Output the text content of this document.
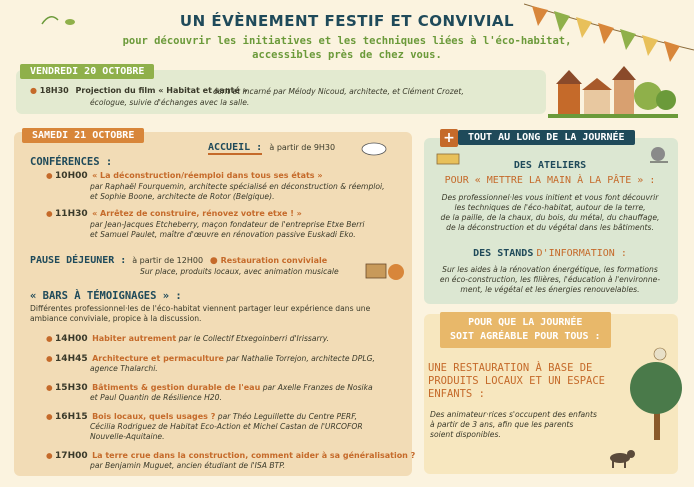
UN ÉVÈNEMENT FESTIF ET CONVIVIAL
pour découvrir les initiatives et les techniques liées à l'éco-habitat,
accessibles près de chez vous.
VENDREDI 20 OCTOBRE
● 18H30 Projection du film « Habitat et santé »
écrit et incarné par Mélody Nicoud, architecte, et Clément Crozet,
écologue, suivie d'échanges avec la salle.
SAMEDI 21 OCTOBRE
ACCUEIL : à partir de 9H30
CONFÉRENCES :
● 10H00 « La déconstruction/réemploi dans tous ses états »
par Raphaël Fourquemin, architecte spécialisé en déconstruction & réemploi,
et Sophie Boone, architecte de Rotor (Belgique).
● 11H30 « Arrêtez de construire, rénovez votre etxe ! »
par Jean-Jacques Etcheberry, maçon fondateur de l'entreprise Etxe Berri
et Samuel Paulet, maître d'œuvre en rénovation passive Euskadi Eko.
PAUSE DÉJEUNER : à partir de 12H00 ● Restauration conviviale
Sur place, produits locaux, avec animation musicale
« BARS À TÉMOIGNAGES » :
Différentes professionnel·les de l'éco-habitat viennent partager leur expérience dans une
ambiance conviviale, propice à la discussion.
● 14H00 Habiter autrement par le Collectif Etxegoinberri d'Irissarry.
● 14H45 Architecture et permaculture par Nathalie Torrejon, architecte DPLG,
agence Thalarchi.
● 15H30 Bâtiments & gestion durable de l'eau par Axelle Franzes de Nosika
et Paul Quantin de Résilience H20.
● 16H15 Bois locaux, quels usages ? par Théo Leguillette du Centre PERF,
Cécilia Rodriguez de Habitat Eco-Action et Michel Castan de l'URCOFOR
Nouvelle-Aquitaine.
● 17H00 La terre crue dans la construction, comment aider à sa généralisation ?
par Benjamin Muguet, ancien étudiant de l'ISA BTP.
+	TOUT AU LONG DE LA JOURNÉE
DES ATELIERS
POUR « METTRE LA MAIN À LA PÂTE » :
Des professionnel·les vous initient et vous font découvrir
les techniques de l'éco-habitat, autour de la terre,
de la paille, de la chaux, du bois, du métal, du chauffage,
de la déconstruction et du végétal dans les bâtiments.
DES STANDS D'INFORMATION :
Sur les aides à la rénovation énergétique, les formations
en éco-construction, les filières, l'éducation à l'environne-
ment, le végétal et les énergies renouvelables.
POUR QUE LA JOURNÉE
SOIT AGRÉABLE POUR TOUS :
UNE RESTAURATION À BASE DE
PRODUITS LOCAUX ET UN ESPACE
ENFANTS :
Des animateur·rices s'occupent des enfants
à partir de 3 ans, afin que les parents
soient disponibles.
